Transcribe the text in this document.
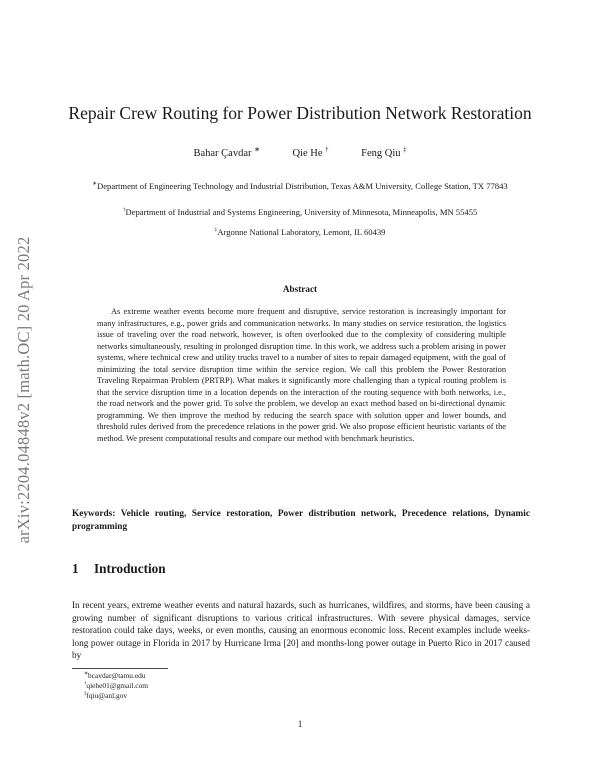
arXiv:2204.04848v2 [math.OC] 20 Apr 2022
Repair Crew Routing for Power Distribution Network Restoration
Bahar Çavdar ∗	Qie He †	Feng Qiu ‡
∗Department of Engineering Technology and Industrial Distribution, Texas A&M University, College Station, TX 77843
†Department of Industrial and Systems Engineering, University of Minnesota, Minneapolis, MN 55455
‡Argonne National Laboratory, Lemont, IL 60439
Abstract

As extreme weather events become more frequent and disruptive, service restoration is increasingly important for many infrastructures, e.g., power grids and communication networks. In many studies on service restoration, the logistics issue of traveling over the road network, however, is often overlooked due to the complexity of considering multiple networks simultaneously, resulting in prolonged disruption time. In this work, we address such a problem arising in power systems, where technical crew and utility trucks travel to a number of sites to repair damaged equipment, with the goal of minimizing the total service disruption time within the service region. We call this problem the Power Restoration Traveling Repairman Problem (PRTRP). What makes it significantly more challenging than a typical routing problem is that the service disruption time in a location depends on the interaction of the routing sequence with both networks, i.e., the road network and the power grid. To solve the problem, we develop an exact method based on bi-directional dynamic programming. We then improve the method by reducing the search space with solution upper and lower bounds, and threshold rules derived from the precedence relations in the power grid. We also propose efficient heuristic variants of the method. We present computational results and compare our method with benchmark heuristics.

Keywords: Vehicle routing, Service restoration, Power distribution network, Precedence relations, Dynamic programming

1 Introduction

In recent years, extreme weather events and natural hazards, such as hurricanes, wildfires, and storms, have been causing a growing number of significant disruptions to various critical infrastructures. With severe physical damages, service restoration could take days, weeks, or even months, causing an enormous economic loss. Recent examples include weeks-long power outage in Florida in 2017 by Hurricane Irma [20] and months-long power outage in Puerto Rico in 2017 caused by

∗bcavdar@tamu.edu
†qiehe01@gmail.com
‡fqiu@anl.gov
1
